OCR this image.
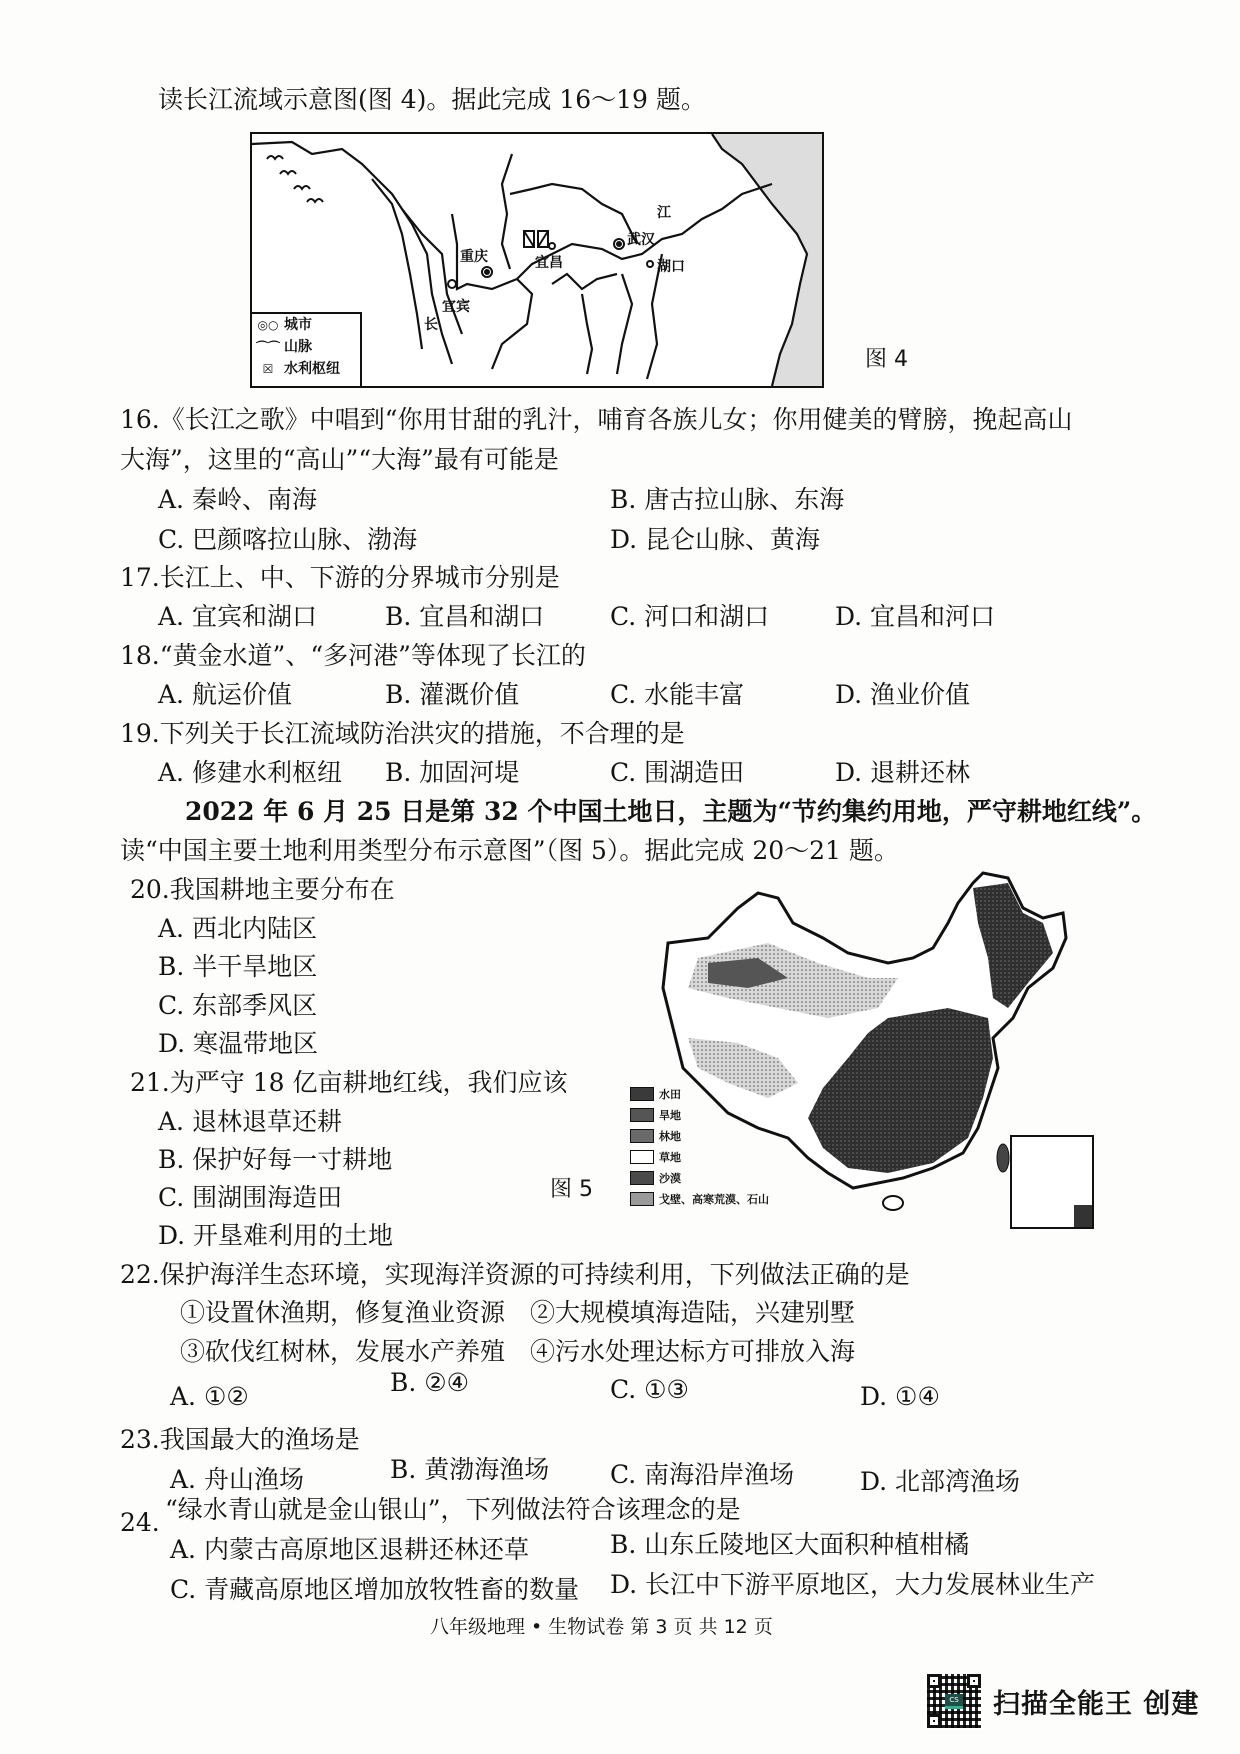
读长江流域示意图(图 4)。据此完成 16～19 题。
重庆
宜宾
长
宜昌
武汉
湖口
江
◎○ 城市
⌒⌒ 山脉
☒ 水利枢纽	图 4
16.《长江之歌》中唱到“你用甘甜的乳汁，哺育各族儿女；你用健美的臂膀，挽起高山
大海”，这里的“高山”“大海”最有可能是
A. 秦岭、南海	B. 唐古拉山脉、东海
C. 巴颜喀拉山脉、渤海	D. 昆仑山脉、黄海
17.长江上、中、下游的分界城市分别是
A. 宜宾和湖口	B. 宜昌和湖口	C. 河口和湖口	D. 宜昌和河口
18.“黄金水道”、“多河港”等体现了长江的
A. 航运价值	B. 灌溉价值	C. 水能丰富	D. 渔业价值
19.下列关于长江流域防治洪灾的措施，不合理的是
A. 修建水利枢纽 B. 加固河堤	C. 围湖造田	D. 退耕还林
2022 年 6 月 25 日是第 32 个中国土地日，主题为“节约集约用地，严守耕地红线”。
读“中国主要土地利用类型分布示意图”（图 5）。据此完成 20～21 题。
20.我国耕地主要分布在
A. 西北内陆区
B. 半干旱地区
C. 东部季风区
D. 寒温带地区
21.为严守 18 亿亩耕地红线，我们应该
A. 退林退草还耕
B. 保护好每一寸耕地
C. 围湖围海造田
D. 开垦难利用的土地
水田
旱地
林地
草地
沙漠
戈壁、高寒荒漠、石山
图 5
22.保护海洋生态环境，实现海洋资源的可持续利用，下列做法正确的是
①设置休渔期，修复渔业资源 ②大规模填海造陆，兴建别墅
③砍伐红树林，发展水产养殖 ④污水处理达标方可排放入海
A. ①②	B. ②④	C. ①③	D. ①④
23.我国最大的渔场是
A. 舟山渔场	B. 黄渤海渔场 C. 南海沿岸渔场	D. 北部湾渔场
24. “绿水青山就是金山银山”，下列做法符合该理念的是
A. 内蒙古高原地区退耕还林还草	B. 山东丘陵地区大面积种植柑橘
C. 青藏高原地区增加放牧牲畜的数量 D. 长江中下游平原地区，大力发展林业生产
八年级地理 • 生物试卷 第 3 页 共 12 页
CS 扫描全能王 创建
